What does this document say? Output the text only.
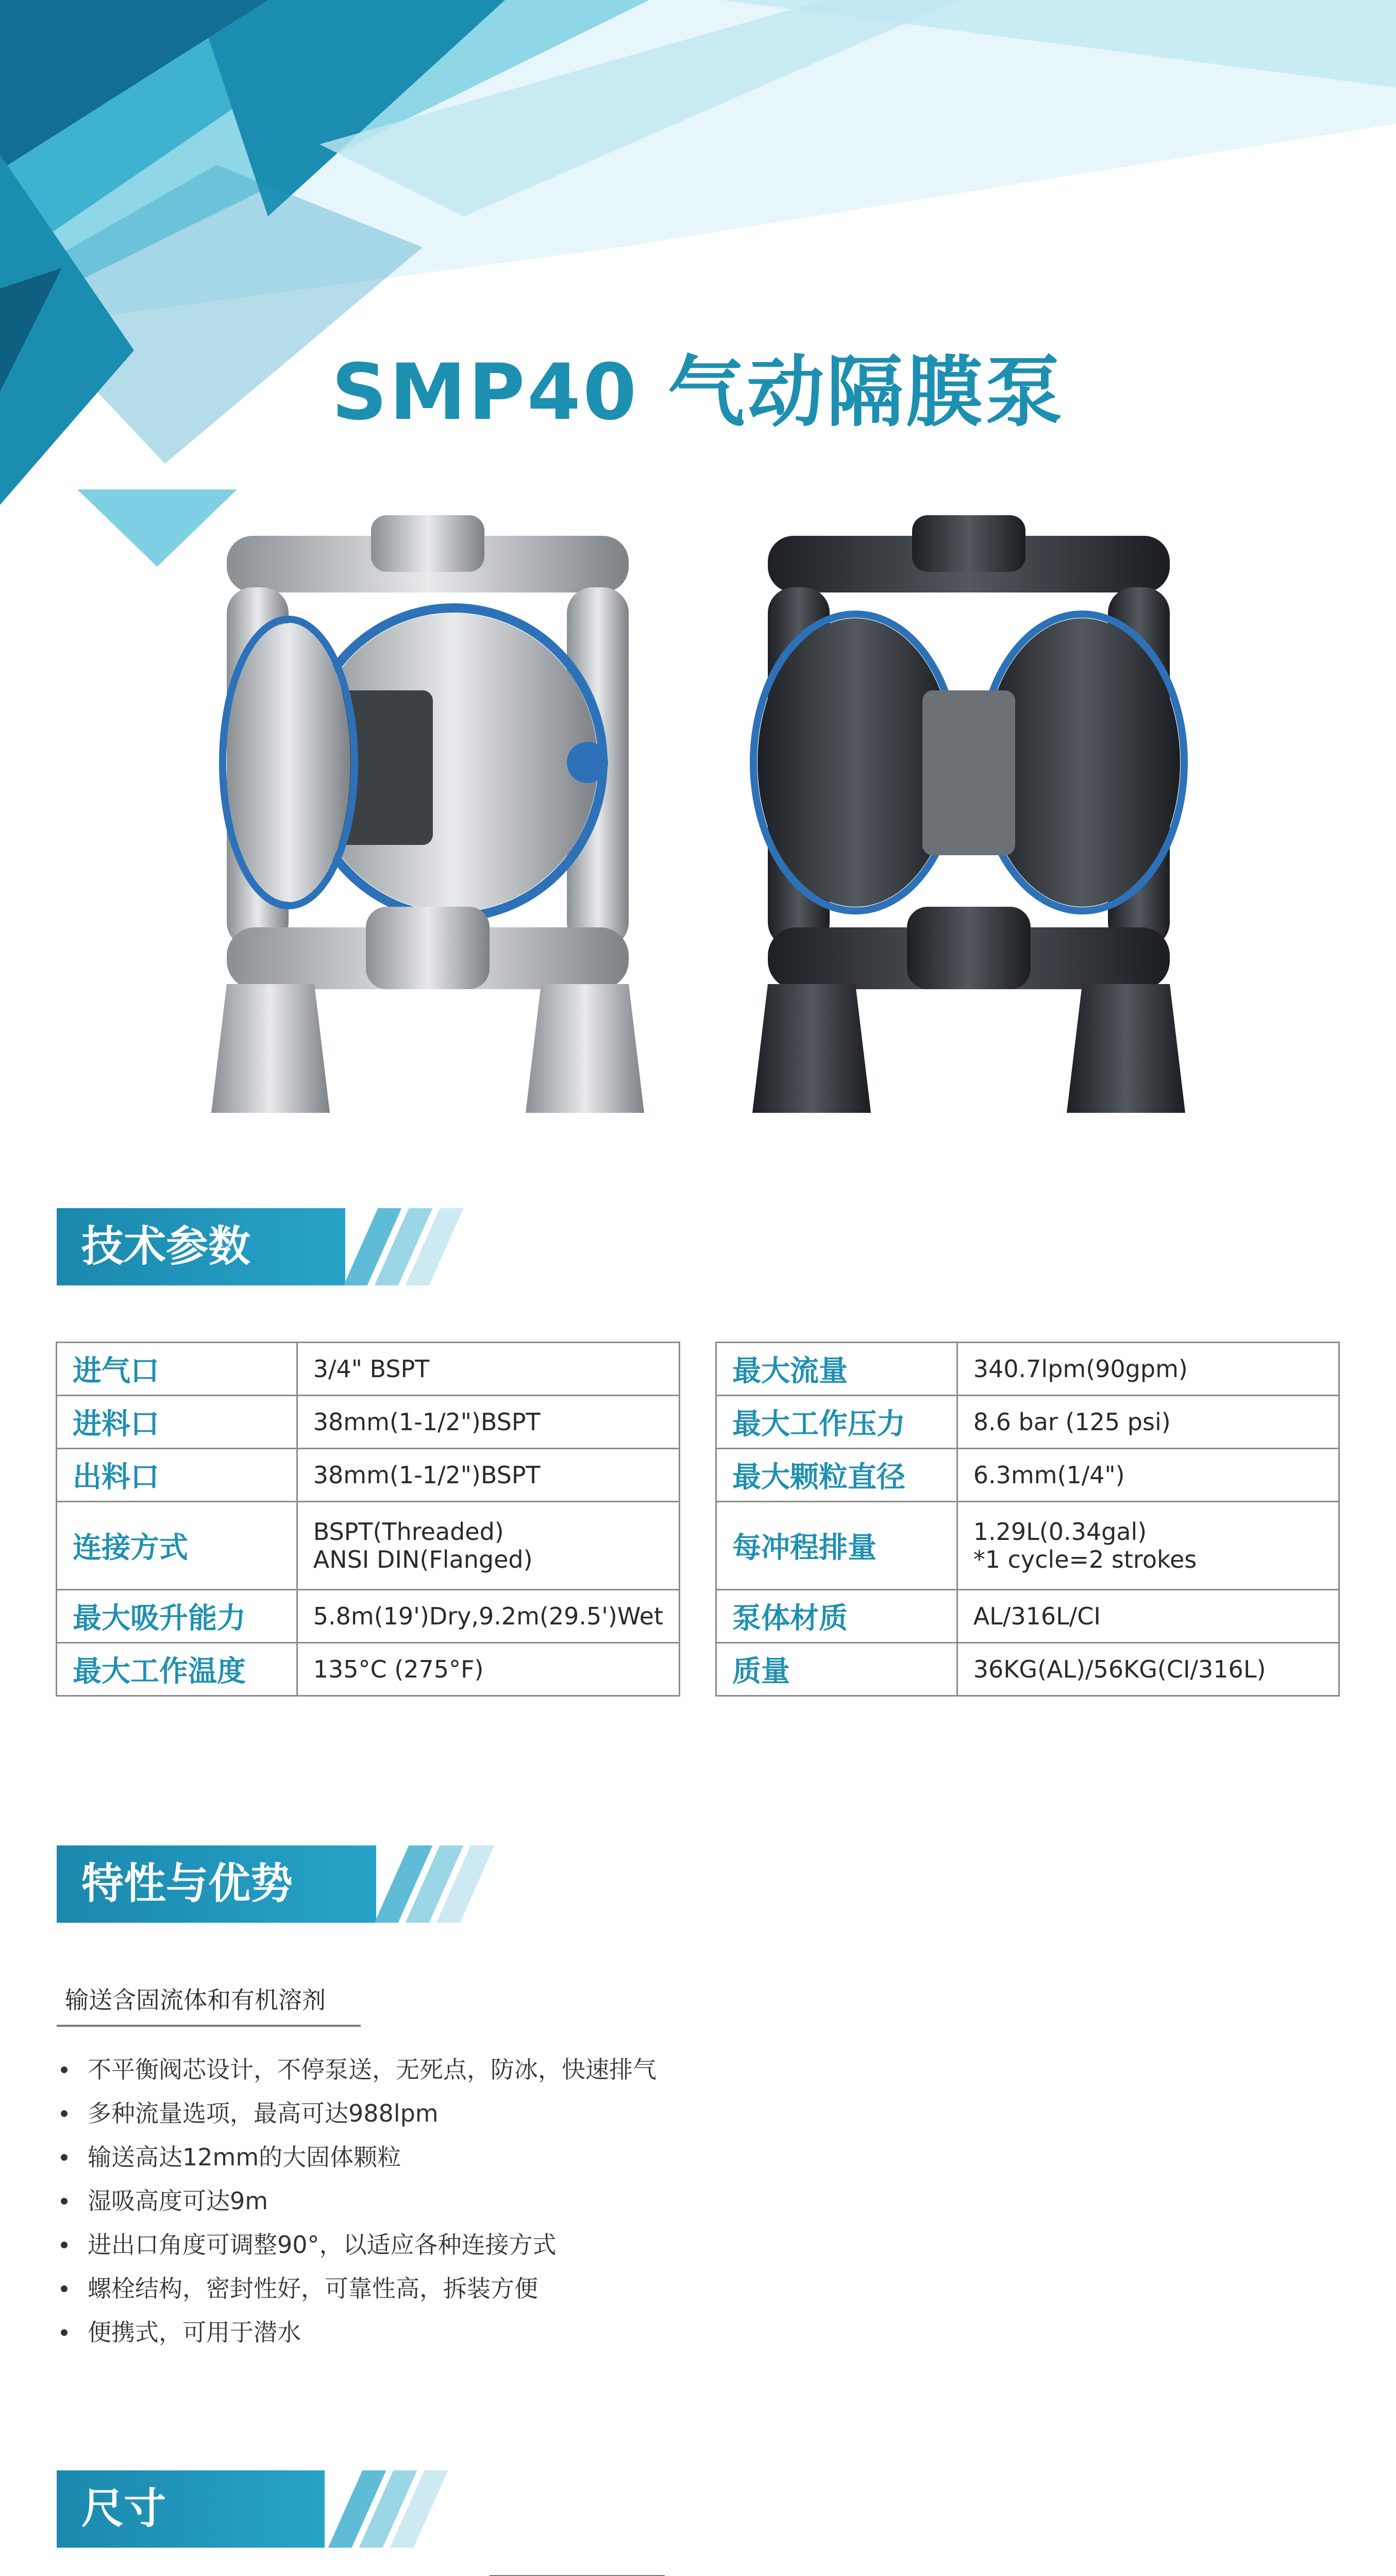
SMP40 气动隔膜泵
技术参数
进气口	3/4" BSPT
进料口	38mm(1-1/2")BSPT
出料口	38mm(1-1/2")BSPT
连接方式	BSPT(Threaded)
ANSI DIN(Flanged)

最大吸升能力	5.8m(19')Dry,9.2m(29.5')Wet
最大工作温度	135°C (275°F)
最大流量	340.7lpm(90gpm)
最大工作压力	8.6 bar (125 psi)
最大颗粒直径	6.3mm(1/4")
每冲程排量	1.29L(0.34gal)
*1 cycle=2 strokes

泵体材质	AL/316L/CI
质量	36KG(AL)/56KG(CI/316L)
特性与优势
输送含固流体和有机溶剂
不平衡阀芯设计，不停泵送，无死点，防冰，快速排气
多种流量选项，最高可达988lpm
输送高达12mm的大固体颗粒
湿吸高度可达9m
进出口角度可调整90°，以适应各种连接方式
螺栓结构，密封性好，可靠性高，拆装方便
便携式，可用于潜水
尺寸
